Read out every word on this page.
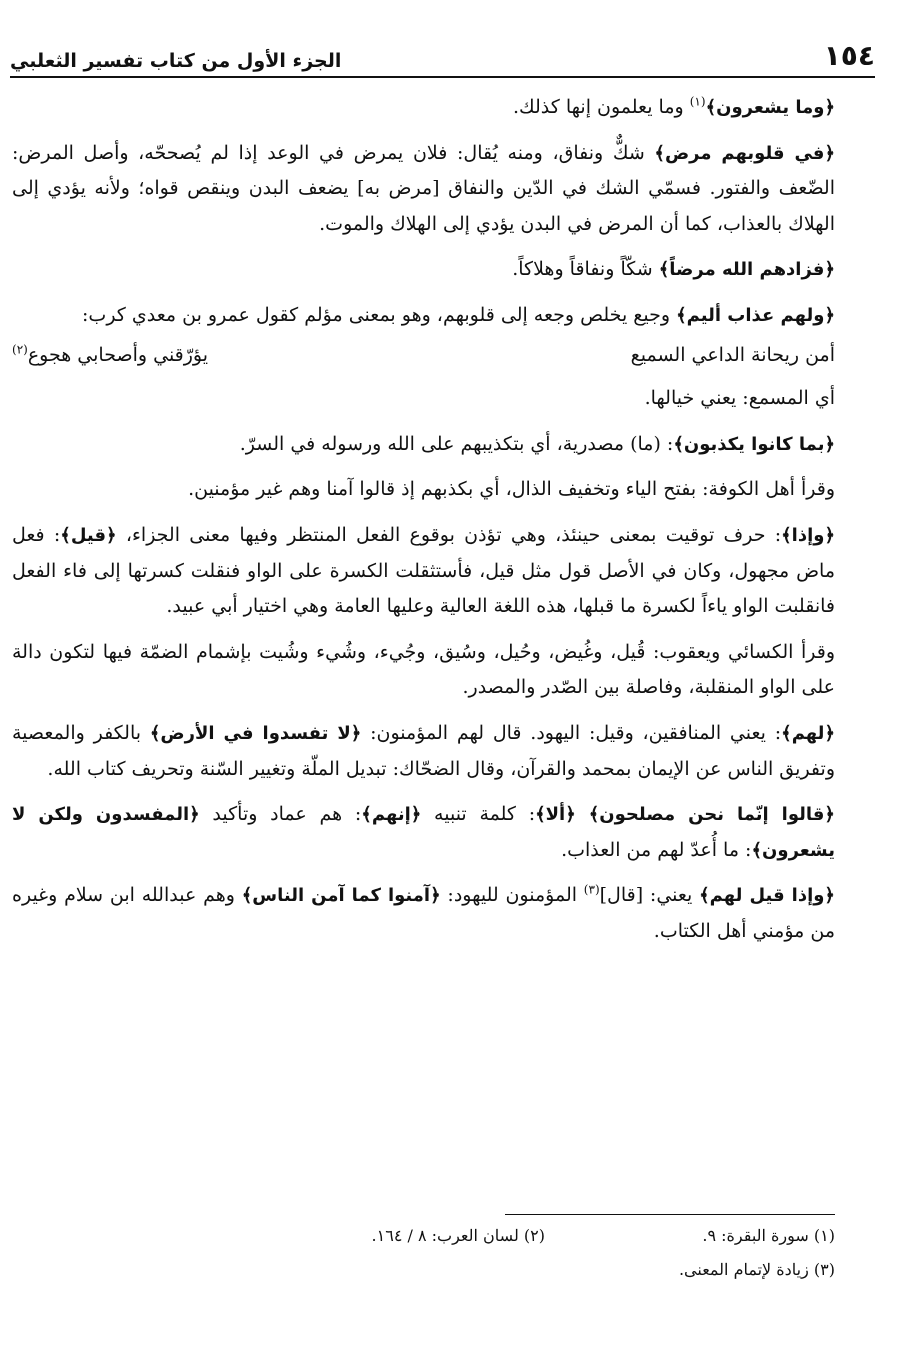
١٥٤
الجزء الأول من كتاب تفسير الثعلبي

﴿وما يشعرون﴾$^{(١)}$ وما يعلمون إنها كذلك.

﴿في قلوبهم مرض﴾ شكٌّ ونفاق، ومنه يُقال: فلان يمرض في الوعد إذا لم يُصححّه، وأصل المرض: الضّعف والفتور. فسمّي الشك في الدّين والنفاق [مرض به] يضعف البدن وينقص قواه؛ ولأنه يؤدي إلى الهلاك بالعذاب، كما أن المرض في البدن يؤدي إلى الهلاك والموت.

﴿فزادهم الله مرضاً﴾ شكّاً ونفاقاً وهلاكاً.

﴿ولهم عذاب أليم﴾ وجيع يخلص وجعه إلى قلوبهم، وهو بمعنى مؤلم كقول عمرو بن معدي كرب:

أمن ريحانة الداعي السميع
يؤرّقني وأصحابي هجوع$^{(٢)}$

أي المسمع: يعني خيالها.

﴿بما كانوا يكذبون﴾: (ما) مصدرية، أي بتكذيبهم على الله ورسوله في السرّ.

وقرأ أهل الكوفة: بفتح الياء وتخفيف الذال، أي بكذبهم إذ قالوا آمنا وهم غير مؤمنين.

﴿وإذا﴾: حرف توقيت بمعنى حينئذ، وهي تؤذن بوقوع الفعل المنتظر وفيها معنى الجزاء، ﴿قيل﴾: فعل ماض مجهول، وكان في الأصل قول مثل قيل، فأستثقلت الكسرة على الواو فنقلت كسرتها إلى فاء الفعل فانقلبت الواو ياءاً لكسرة ما قبلها، هذه اللغة العالية وعليها العامة وهي اختيار أبي عبيد.

وقرأ الكسائي ويعقوب: قُيل، وغُيض، وحُيل، وسُيق، وجُيء، وشُيء وشُيت بإشمام الضمّة فيها لتكون دالة على الواو المنقلبة، وفاصلة بين الصّدر والمصدر.

﴿لهم﴾: يعني المنافقين، وقيل: اليهود. قال لهم المؤمنون: ﴿لا تفسدوا في الأرض﴾ بالكفر والمعصية وتفريق الناس عن الإيمان بمحمد والقرآن، وقال الضحّاك: تبديل الملّة وتغيير السّنة وتحريف كتاب الله.

﴿قالوا إنّما نحن مصلحون﴾ ﴿ألا﴾: كلمة تنبيه ﴿إنهم﴾: هم عماد وتأكيد ﴿المفسدون ولكن لا يشعرون﴾: ما أُعدّ لهم من العذاب.

﴿وإذا قيل لهم﴾ يعني: [قال]$^{(٣)}$ المؤمنون لليهود: ﴿آمنوا كما آمن الناس﴾ وهم عبدالله ابن سلام وغيره من مؤمني أهل الكتاب.

(١) سورة البقرة: ٩.
(٢) لسان العرب: ٨ / ١٦٤.
(٣) زيادة لإتمام المعنى.
